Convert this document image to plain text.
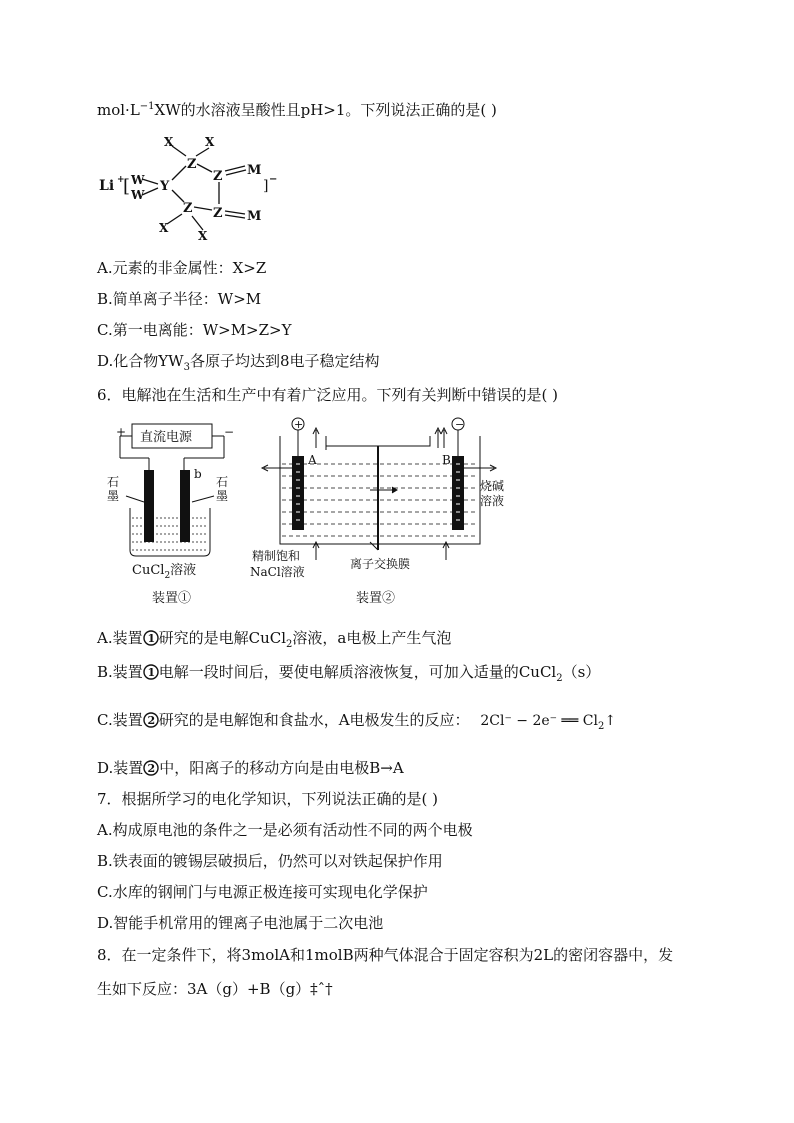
$mol\cdot L^{-1}XW$的水溶液呈酸性且pH>1。下列说法正确的是( )
Li +
[ W
W
Y
Z
Z
Z Z
X	X
X
X
M
M
] −
A.元素的非金属性：X>Z
B.简单离子半径：W>M
C.第一电离能：W>M>Z>Y
D.化合物$YW_3$各原子均达到8电子稳定结构
6．电解池在生活和生产中有着广泛应用。下列有关判断中错误的是( )
+	−
直流电源
b
石
墨
石
墨
CuCl$_2$溶液
装置①
+	−
A	B
烧碱
溶液
精制饱和
NaCl溶液
离子交换膜
装置②
A.装置 1 研究的是电解CuCl$_2$溶液，a电极上产生气泡
B.装置 1 电解一段时间后，要使电解质溶液恢复，可加入适量的CuCl$_2$（s）
C.装置 2 研究的是电解饱和食盐水，A电极发生的反应： 2Cl⁻ − 2e⁻ ══ $Cl_2↑$
D.装置 2 中，阳离子的移动方向是由电极B→A
7．根据所学习的电化学知识，下列说法正确的是( )
A.构成原电池的条件之一是必须有活动性不同的两个电极
B.铁表面的镀锡层破损后，仍然可以对铁起保护作用
C.水库的钢闸门与电源正极连接可实现电化学保护
D.智能手机常用的锂离子电池属于二次电池
8．在一定条件下，将3molA和1molB两种气体混合于固定容积为2L的密闭容器中，发
生如下反应：3A（g）+B（g）‡ˆ†
